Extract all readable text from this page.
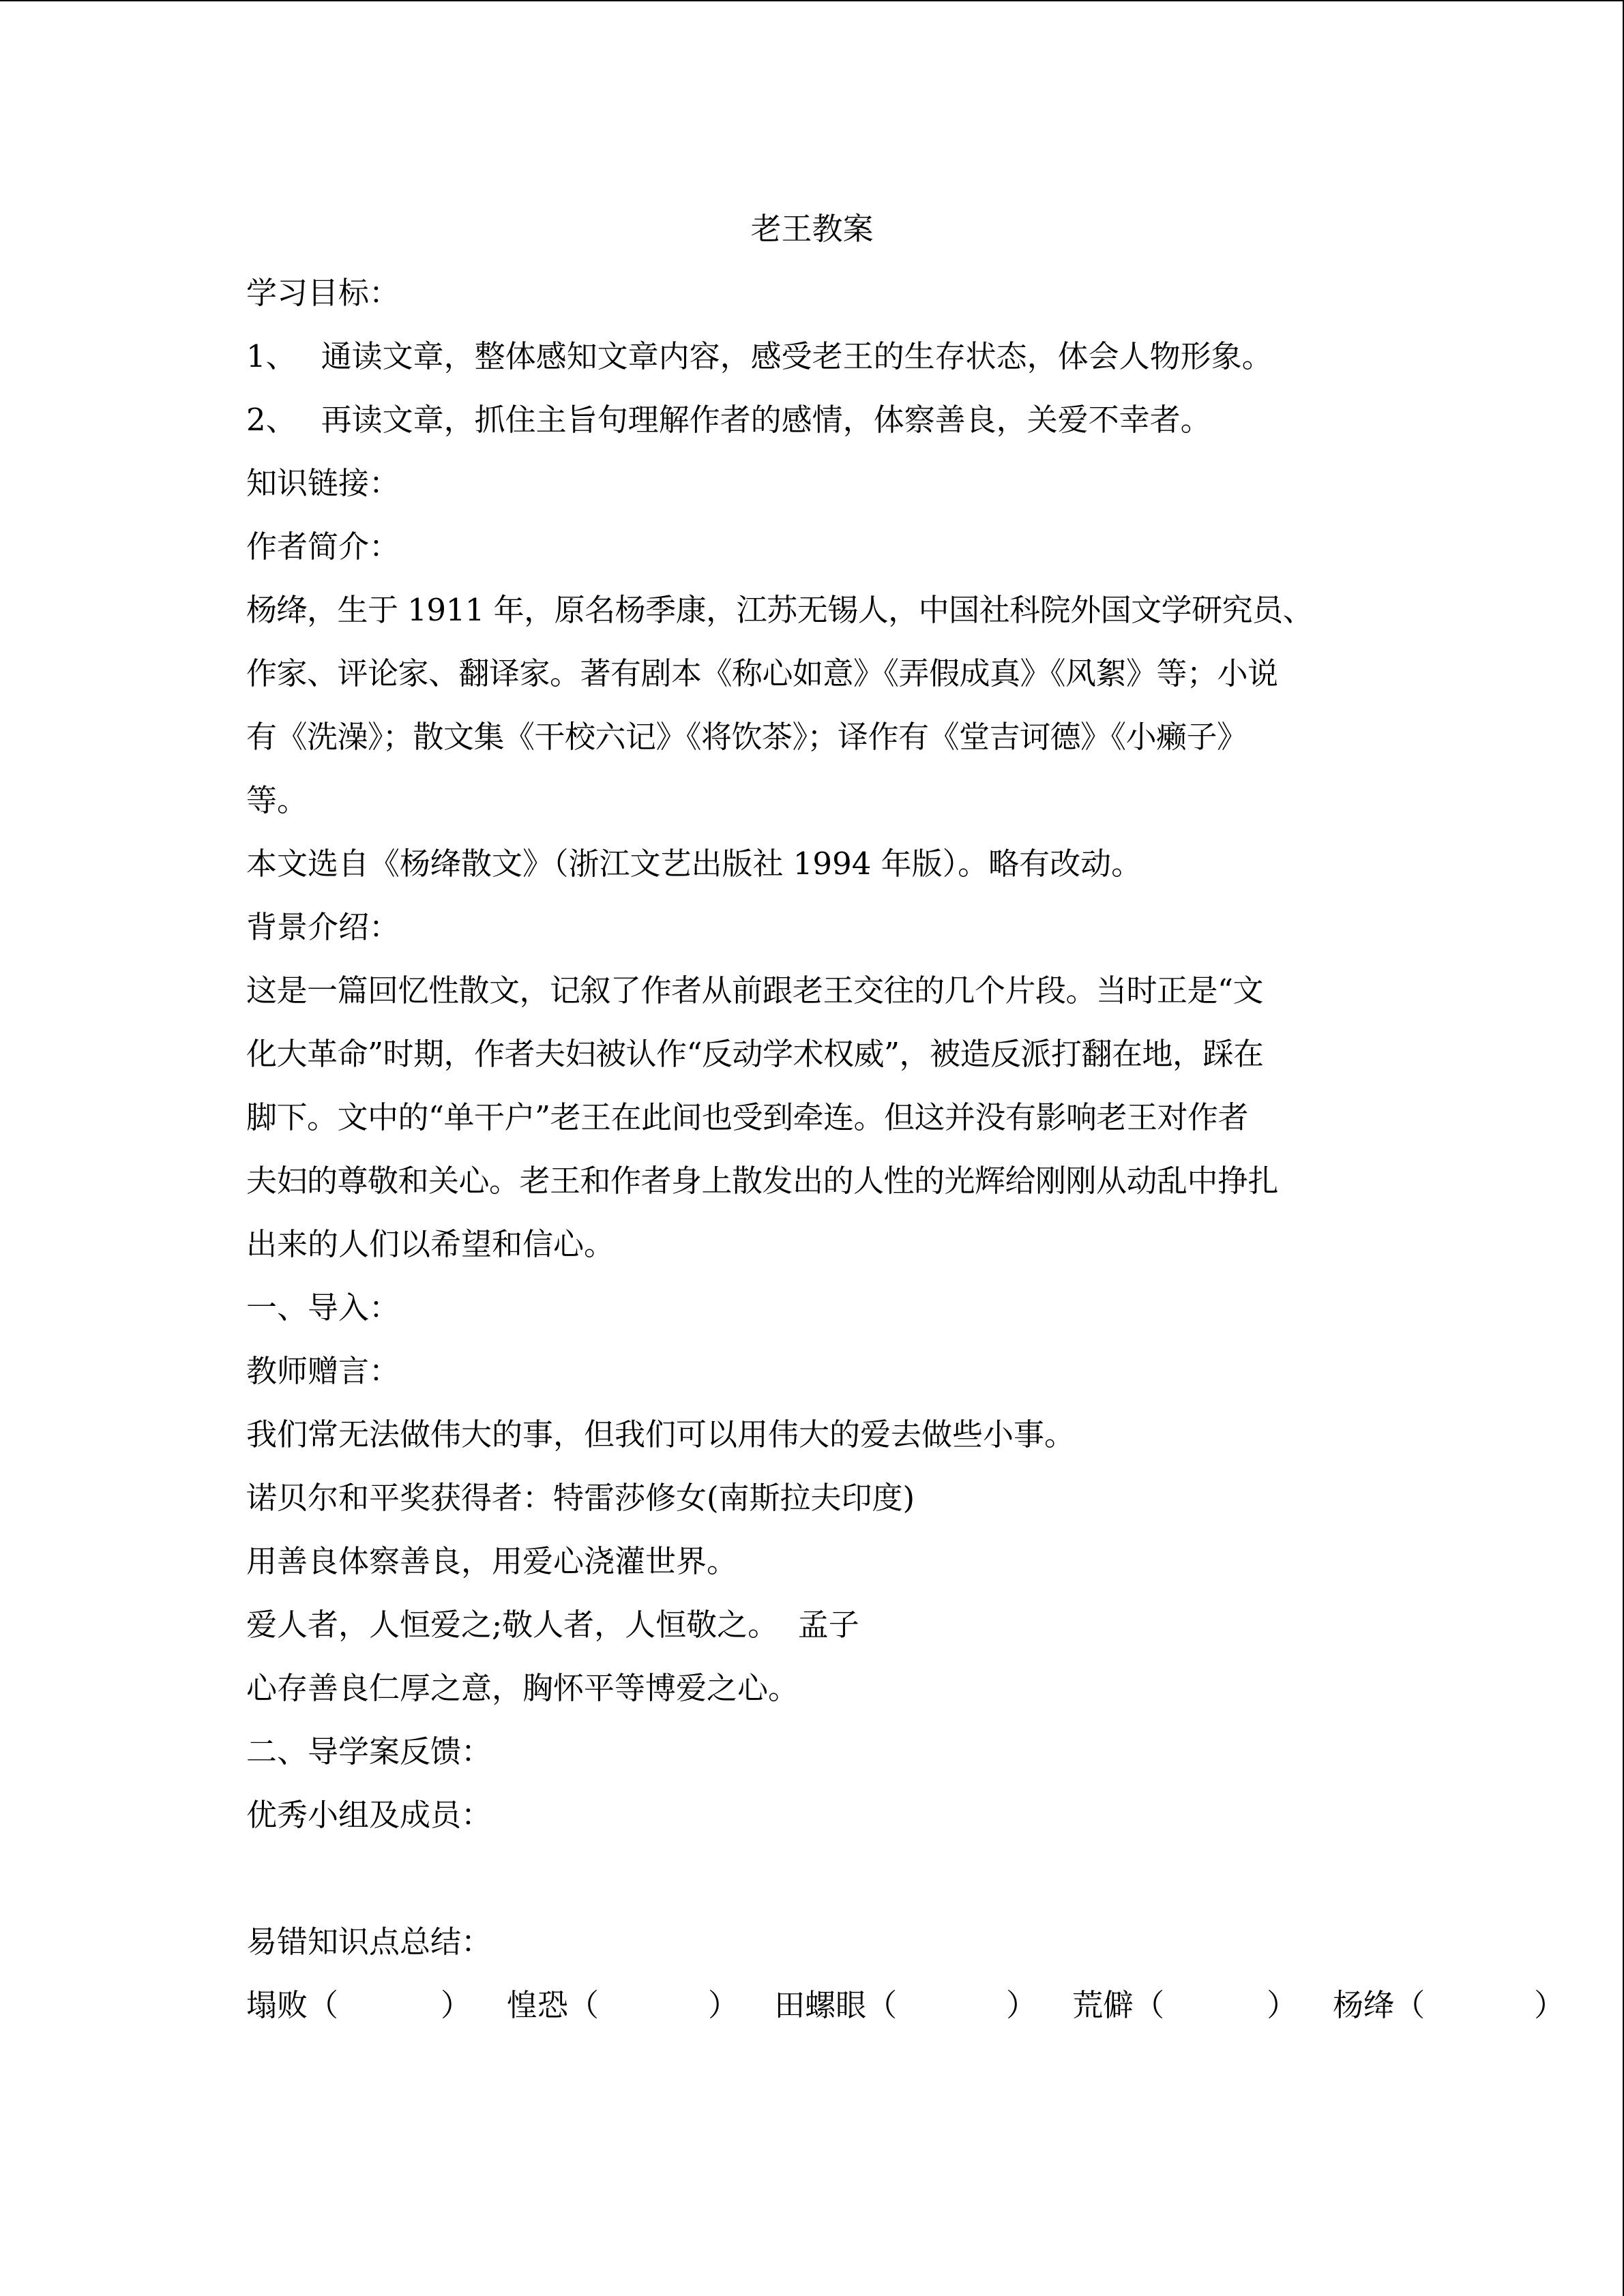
老王教案
学习目标：
1、 通读文章，整体感知文章内容，感受老王的生存状态，体会人物形象。
2、 再读文章，抓住主旨句理解作者的感情，体察善良，关爱不幸者。
知识链接：
作者简介：
杨绛，生于 1911 年，原名杨季康，江苏无锡人，中国社科院外国文学研究员、
作家、评论家、翻译家。著有剧本《称心如意》《弄假成真》《风絮》等；小说
有《洗澡》；散文集《干校六记》《将饮茶》；译作有《堂吉诃德》《小癞子》
等。
本文选自《杨绛散文》（浙江文艺出版社 1994 年版）。略有改动。
背景介绍：
这是一篇回忆性散文，记叙了作者从前跟老王交往的几个片段。当时正是“文
化大革命”时期，作者夫妇被认作“反动学术权威”，被造反派打翻在地，踩在
脚下。文中的“单干户”老王在此间也受到牵连。但这并没有影响老王对作者
夫妇的尊敬和关心。老王和作者身上散发出的人性的光辉给刚刚从动乱中挣扎
出来的人们以希望和信心。
一、导入：
教师赠言：
我们常无法做伟大的事，但我们可以用伟大的爱去做些小事。
诺贝尔和平奖获得者：特雷莎修女(南斯拉夫印度)
用善良体察善良，用爱心浇灌世界。
爱人者，人恒爱之;敬人者，人恒敬之。  孟子
心存善良仁厚之意，胸怀平等博爱之心。
二、导学案反馈：
优秀小组及成员：
易错知识点总结：
塌败（	） 惶恐（	） 田螺眼（	） 荒僻（	） 杨绛（	）
